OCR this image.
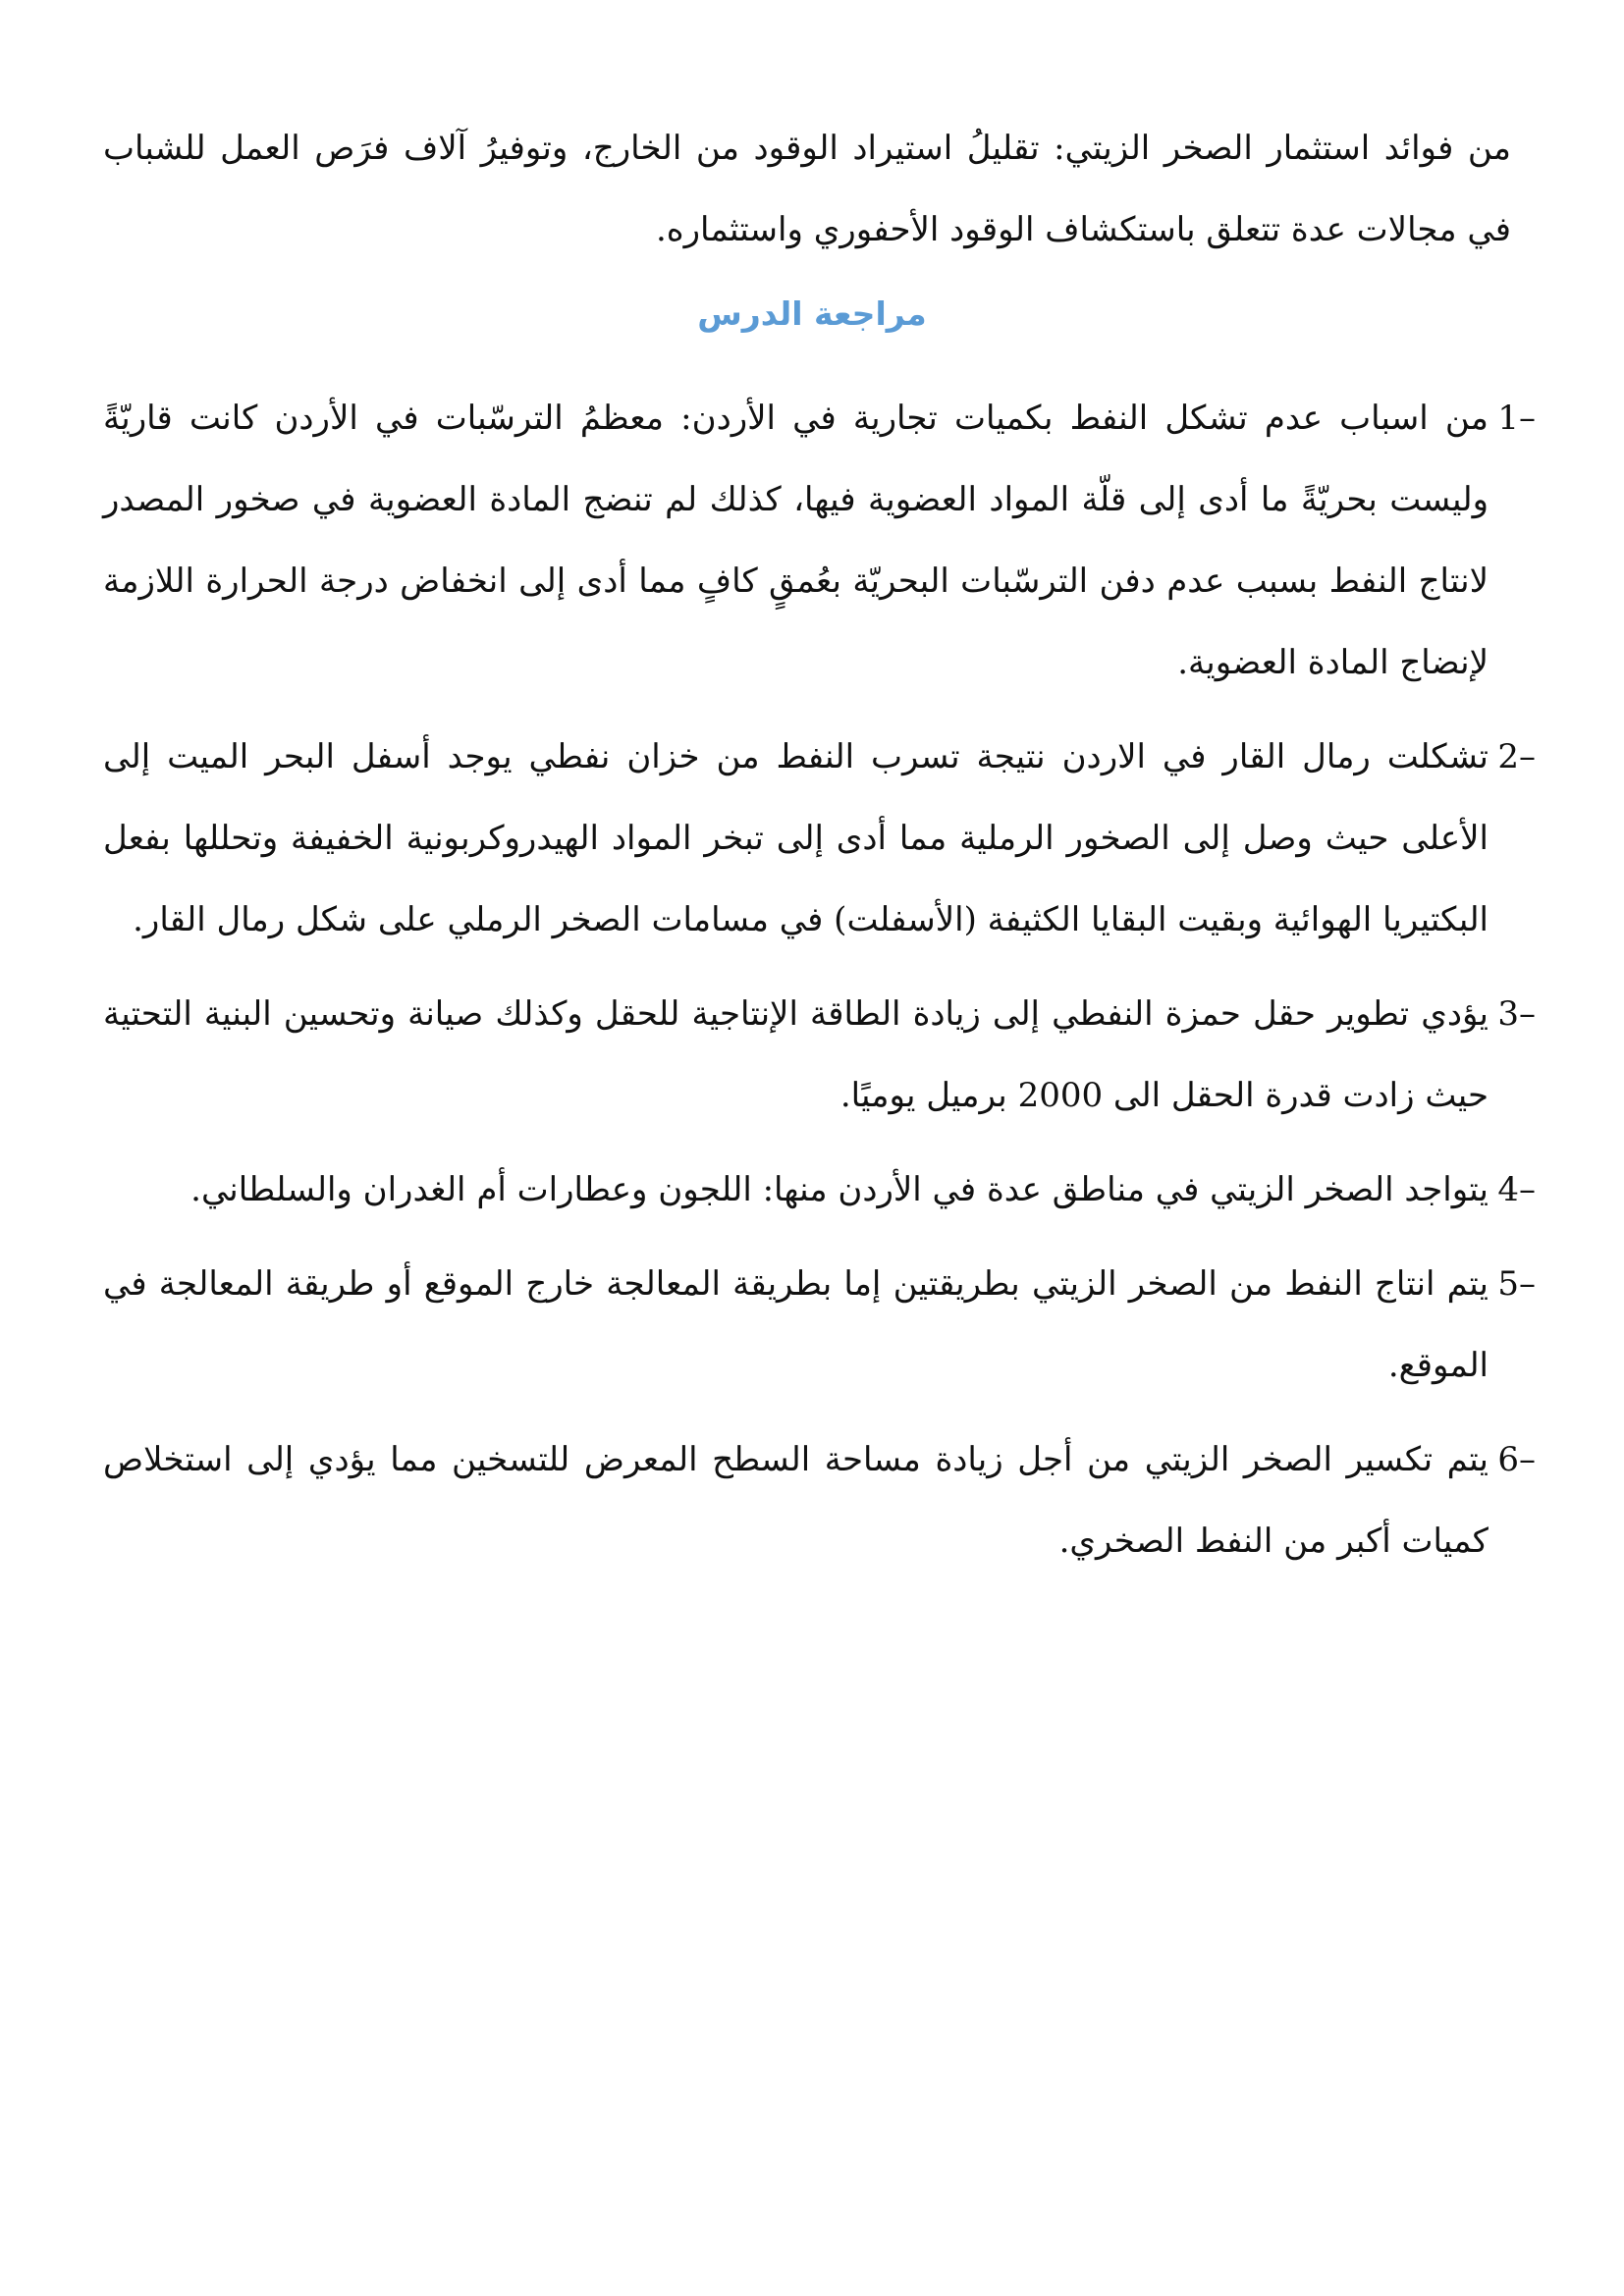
من فوائد استثمار الصخر الزيتي: تقليلُ استيراد الوقود من الخارج، وتوفيرُ آلاف فرَص العمل للشباب في مجالات عدة تتعلق باستكشاف الوقود الأحفوري واستثماره.

مراجعة الدرس
1–
من اسباب عدم تشكل النفط بكميات تجارية في الأردن: معظمُ الترسّبات في الأردن كانت قاريّةً وليست بحريّةً ما أدى إلى قلّة المواد العضوية فيها، كذلك لم تنضج المادة العضوية في صخور المصدر لانتاج النفط بسبب عدم دفن الترسّبات البحريّة بعُمقٍ كافٍ مما أدى إلى انخفاض درجة الحرارة اللازمة لإنضاج المادة العضوية.
2–
تشكلت رمال القار في الاردن نتيجة تسرب النفط من خزان نفطي يوجد أسفل البحر الميت إلى الأعلى حيث وصل إلى الصخور الرملية مما أدى إلى تبخر المواد الهيدروكربونية الخفيفة وتحللها بفعل البكتيريا الهوائية وبقيت البقايا الكثيفة (الأسفلت) في مسامات الصخر الرملي على شكل رمال القار.
3–
يؤدي تطوير حقل حمزة النفطي إلى زيادة الطاقة الإنتاجية للحقل وكذلك صيانة وتحسين البنية التحتية حيث زادت قدرة الحقل الى 2000 برميل يوميًا.
4–
يتواجد الصخر الزيتي في مناطق عدة في الأردن منها: اللجون وعطارات أم الغدران والسلطاني.
5–
يتم انتاج النفط من الصخر الزيتي بطريقتين إما بطريقة المعالجة خارج الموقع أو طريقة المعالجة في الموقع.
6–
يتم تكسير الصخر الزيتي من أجل زيادة مساحة السطح المعرض للتسخين مما يؤدي إلى استخلاص كميات أكبر من النفط الصخري.
